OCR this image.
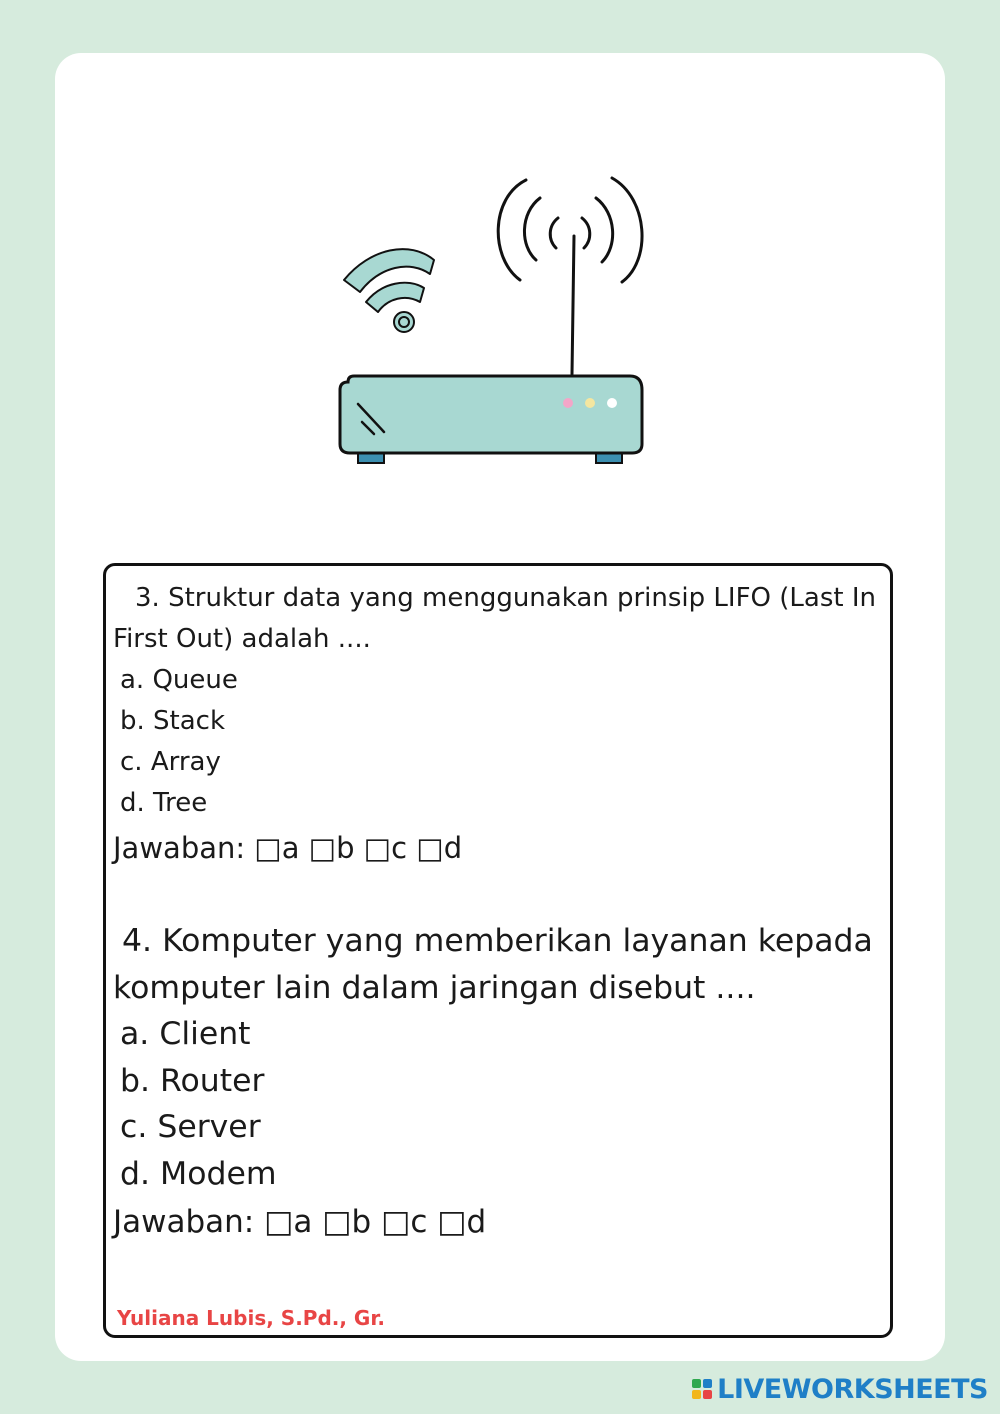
3. Struktur data yang menggunakan prinsip LIFO (Last In First Out) adalah ....
a. Queue
b. Stack
c. Array
d. Tree
Jawaban: □a □b □c □d
4. Komputer yang memberikan layanan kepada komputer lain dalam jaringan disebut ....
a. Client
b. Router
c. Server
d. Modem
Jawaban: □a □b □c □d
Yuliana Lubis, S.Pd., Gr.
LIVEWORKSHEETS
